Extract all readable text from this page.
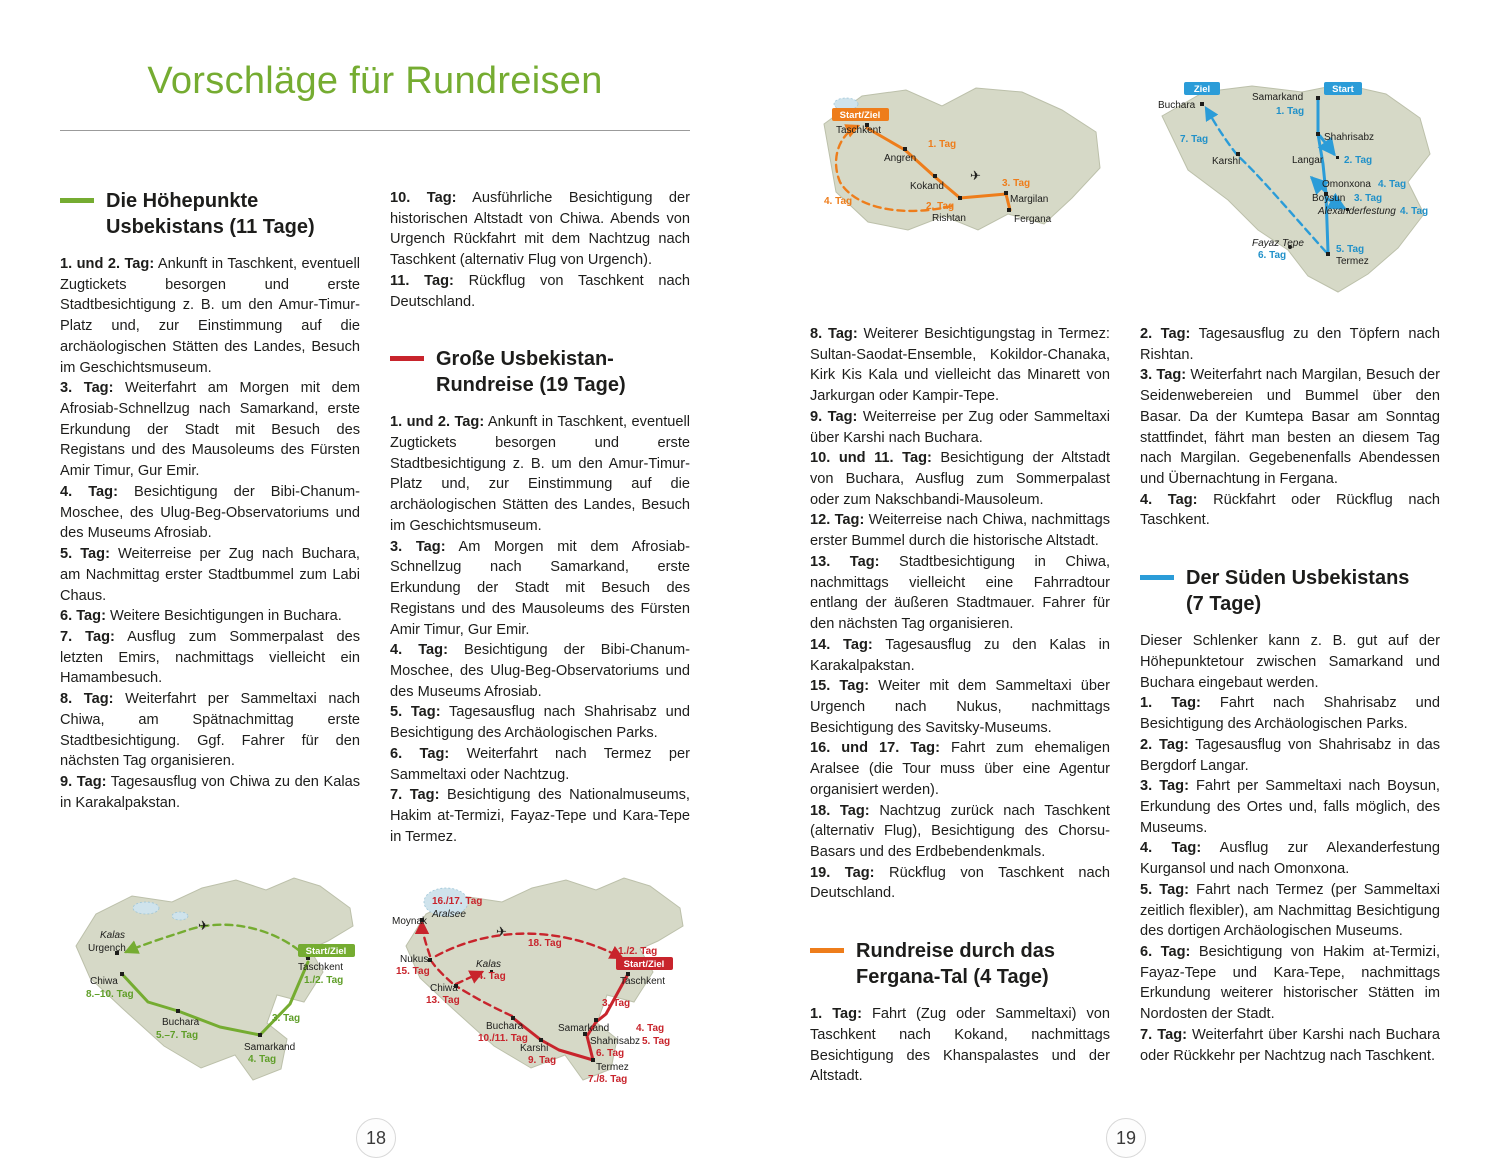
Vorschläge für Rundreisen
Die Höhepunkte
Usbekistans (11 Tage)

1. und 2. Tag: Ankunft in Taschkent, eventuell Zugtickets besorgen und erste Stadtbesichtigung z. B. um den Amur-Timur-Platz und, zur Einstimmung auf die archäologischen Stätten des Landes, Besuch im Geschichtsmuseum.

3. Tag: Weiterfahrt am Morgen mit dem Afrosiab-Schnellzug nach Samarkand, erste Erkundung der Stadt mit Besuch des Registans und des Mausoleums des Fürsten Amir Timur, Gur Emir.

4. Tag: Besichtigung der Bibi-Chanum-Moschee, des Ulug-Beg-Observatoriums und des Museums Afrosiab.

5. Tag: Weiterreise per Zug nach Buchara, am Nachmittag erster Stadtbummel zum Labi Chaus.

6. Tag: Weitere Besichtigungen in Buchara.

7. Tag: Ausflug zum Sommerpalast des letzten Emirs, nachmittags vielleicht ein Hamambesuch.

8. Tag: Weiterfahrt per Sammeltaxi nach Chiwa, am Spätnachmittag erste Stadtbesichtigung. Ggf. Fahrer für den nächsten Tag organisieren.

9. Tag: Tagesausflug von Chiwa zu den Kalas in Karakalpakstan.

10. Tag: Ausführliche Besichtigung der historischen Altstadt von Chiwa. Abends von Urgench Rückfahrt mit dem Nachtzug nach Taschkent (alternativ Flug von Urgench).

11. Tag: Rückflug von Taschkent nach Deutschland.

Große Usbekistan-
Rundreise (19 Tage)

1. und 2. Tag: Ankunft in Taschkent, eventuell Zugtickets besorgen und erste Stadtbesichtigung z. B. um den Amur-Timur-Platz und, zur Einstimmung auf die archäologischen Stätten des Landes, Besuch im Geschichtsmuseum.

3. Tag: Am Morgen mit dem Afrosiab-Schnellzug nach Samarkand, erste Erkundung der Stadt mit Besuch des Registans und des Mausoleums des Fürsten Amir Timur, Gur Emir.

4. Tag: Besichtigung der Bibi-Chanum-Moschee, des Ulug-Beg-Observatoriums und des Museums Afrosiab.

5. Tag: Tagesausflug nach Shahrisabz und Besichtigung des Archäologischen Parks.

6. Tag: Weiterfahrt nach Termez per Sammeltaxi oder Nachtzug.

7. Tag: Besichtigung des Nationalmuseums, Hakim at-Termizi, Fayaz-Tepe und Kara-Tepe in Termez.

✈
Start/Ziel
Kalas
Urgench
Chiwa
8.–10. Tag
Taschkent
1./2. Tag
3. Tag
Buchara
5.–7. Tag
Samarkand
4. Tag
✈
Start/Ziel
16./17. Tag
Aralsee
Moynak
18. Tag
Nukus
15. Tag
Kalas
14. Tag
1./2. Tag
Taschkent
Chiwa
13. Tag	3. Tag
Buchara
10./11. Tag
Samarkand	4. Tag
Karshi
9. Tag
Shahrisabz 5. Tag
6. Tag
Termez
7./8. Tag
18
✈
Start/Ziel
Taschkent
Angren
1. Tag
Kokand	3. Tag
2. Tag
Rishtan
Margilan
Fergana
4. Tag
Ziel	Start
Buchara
Samarkand
1. Tag
7. Tag	Shahrisabz
Karshi	Langar 2. Tag
Omonxona 4. Tag
Boysun 3. Tag
Alexanderfestung 4. Tag
Fayaz Tepe
6. Tag
5. Tag
Termez

8. Tag: Weiterer Besichtigungstag in Termez: Sultan-Saodat-Ensemble, Kokildor-Chanaka, Kirk Kis Kala und vielleicht das Minarett von Jarkurgan oder Kampir-Tepe.

9. Tag: Weiterreise per Zug oder Sammeltaxi über Karshi nach Buchara.

10. und 11. Tag: Besichtigung der Altstadt von Buchara, Ausflug zum Sommerpalast oder zum Nakschbandi-Mausoleum.

12. Tag: Weiterreise nach Chiwa, nachmittags erster Bummel durch die historische Altstadt.

13. Tag: Stadtbesichtigung in Chiwa, nachmittags vielleicht eine Fahrradtour entlang der äußeren Stadtmauer. Fahrer für den nächsten Tag organisieren.

14. Tag: Tagesausflug zu den Kalas in Karakalpakstan.

15. Tag: Weiter mit dem Sammeltaxi über Urgench nach Nukus, nachmittags Besichtigung des Savitsky-Museums.

16. und 17. Tag: Fahrt zum ehemaligen Aralsee (die Tour muss über eine Agentur organisiert werden).

18. Tag: Nachtzug zurück nach Taschkent (alternativ Flug), Besichtigung des Chorsu-Basars und des Erdbebendenkmals.

19. Tag: Rückflug von Taschkent nach Deutschland.

Rundreise durch das
Fergana-Tal (4 Tage)

1. Tag: Fahrt (Zug oder Sammeltaxi) von Taschkent nach Kokand, nachmittags Besichtigung des Khanspalastes und der Altstadt.

2. Tag: Tagesausflug zu den Töpfern nach Rishtan.

3. Tag: Weiterfahrt nach Margilan, Besuch der Seidenwebereien und Bummel über den Basar. Da der Kumtepa Basar am Sonntag stattfindet, fährt man besten an diesem Tag nach Margilan. Gegebenenfalls Abendessen und Übernachtung in Fergana.

4. Tag: Rückfahrt oder Rückflug nach Taschkent.

Der Süden Usbekistans
(7 Tage)

Dieser Schlenker kann z. B. gut auf der Höhepunktetour zwischen Samarkand und Buchara eingebaut werden.

1. Tag: Fahrt nach Shahrisabz und Besichtigung des Archäologischen Parks.

2. Tag: Tagesausflug von Shahrisabz in das Bergdorf Langar.

3. Tag: Fahrt per Sammeltaxi nach Boysun, Erkundung des Ortes und, falls möglich, des Museums.

4. Tag: Ausflug zur Alexanderfestung Kurgansol und nach Omonxona.

5. Tag: Fahrt nach Termez (per Sammeltaxi zeitlich flexibler), am Nachmittag Besichtigung des dortigen Archäologischen Museums.

6. Tag: Besichtigung von Hakim at-Termizi, Fayaz-Tepe und Kara-Tepe, nachmittags Erkundung weiterer historischer Stätten im Nordosten der Stadt.

7. Tag: Weiterfahrt über Karshi nach Buchara oder Rückkehr per Nachtzug nach Taschkent.

19
